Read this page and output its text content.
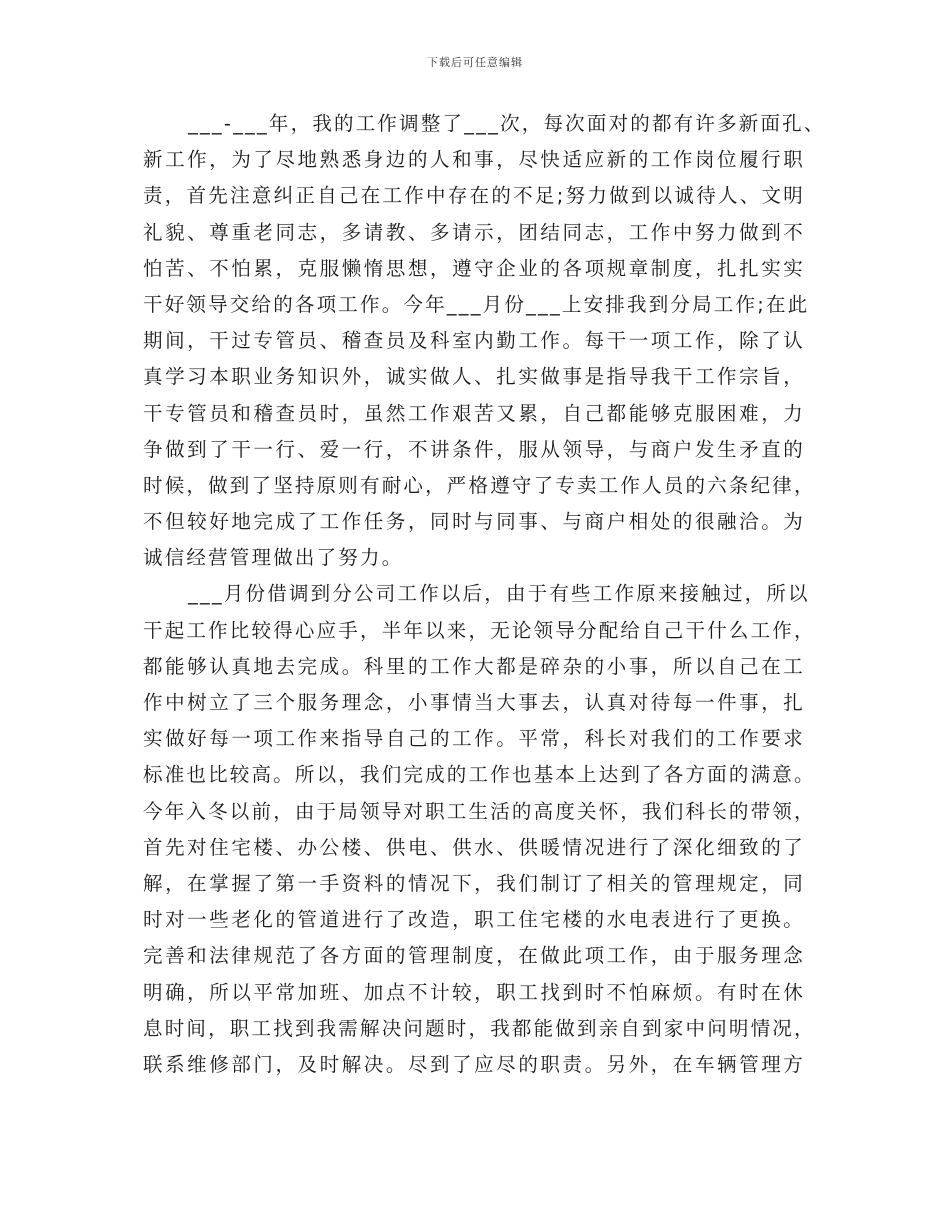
下载后可任意编辑
___-___年，我的工作调整了___次，每次面对的都有许多新面孔、
新工作，为了尽地熟悉身边的人和事，尽快适应新的工作岗位履行职
责，首先注意纠正自己在工作中存在的不足;努力做到以诚待人、文明
礼貌、尊重老同志，多请教、多请示，团结同志，工作中努力做到不
怕苦、不怕累，克服懒惰思想，遵守企业的各项规章制度，扎扎实实
干好领导交给的各项工作。今年___月份___上安排我到分局工作;在此
期间，干过专管员、稽查员及科室内勤工作。每干一项工作，除了认
真学习本职业务知识外，诚实做人、扎实做事是指导我干工作宗旨，
干专管员和稽查员时，虽然工作艰苦又累，自己都能够克服困难，力
争做到了干一行、爱一行，不讲条件，服从领导，与商户发生矛直的
时候，做到了坚持原则有耐心，严格遵守了专卖工作人员的六条纪律，
不但较好地完成了工作任务，同时与同事、与商户相处的很融洽。为
诚信经营管理做出了努力。
___月份借调到分公司工作以后，由于有些工作原来接触过，所以
干起工作比较得心应手，半年以来，无论领导分配给自己干什么工作，
都能够认真地去完成。科里的工作大都是碎杂的小事，所以自己在工
作中树立了三个服务理念，小事情当大事去，认真对待每一件事，扎
实做好每一项工作来指导自己的工作。平常，科长对我们的工作要求
标准也比较高。所以，我们完成的工作也基本上达到了各方面的满意。
今年入冬以前，由于局领导对职工生活的高度关怀，我们科长的带领，
首先对住宅楼、办公楼、供电、供水、供暖情况进行了深化细致的了
解，在掌握了第一手资料的情况下，我们制订了相关的管理规定，同
时对一些老化的管道进行了改造，职工住宅楼的水电表进行了更换。
完善和法律规范了各方面的管理制度，在做此项工作，由于服务理念
明确，所以平常加班、加点不计较，职工找到时不怕麻烦。有时在休
息时间，职工找到我需解决问题时，我都能做到亲自到家中问明情况，
联系维修部门，及时解决。尽到了应尽的职责。另外，在车辆管理方
